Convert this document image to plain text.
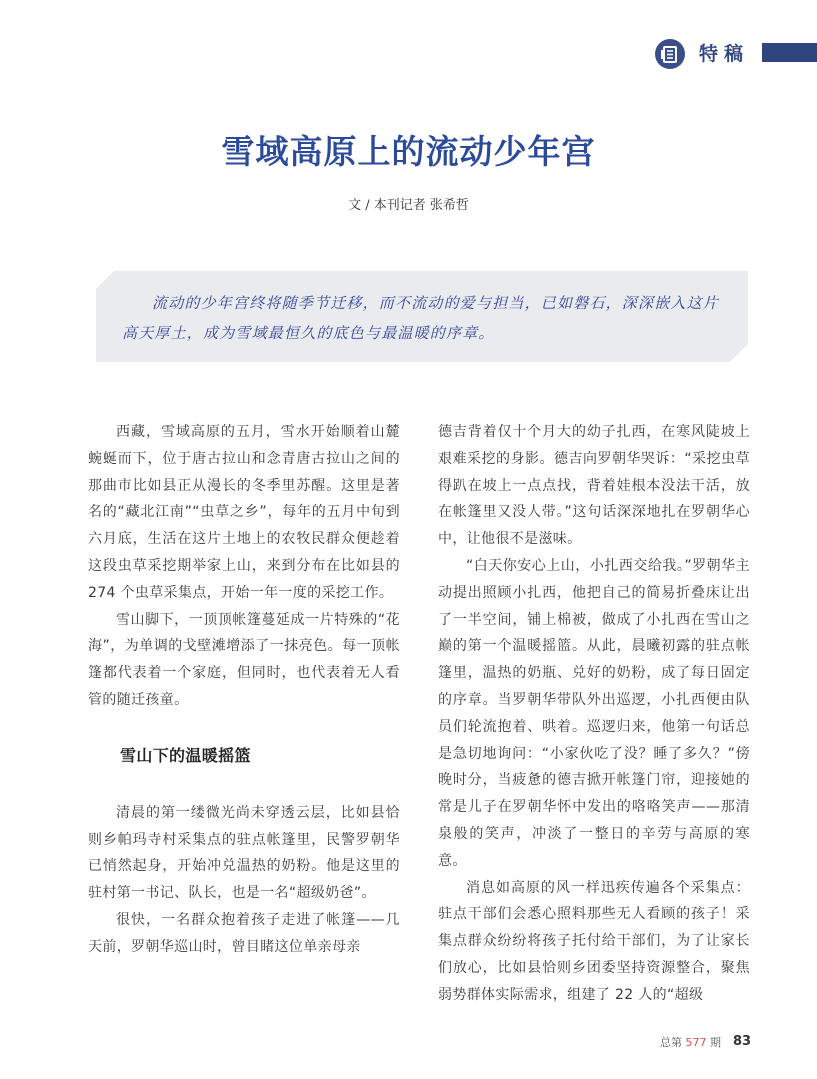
特稿
雪域高原上的流动少年宫
文 / 本刊记者 张希哲
流动的少年宫终将随季节迁移，而不流动的爱与担当，已如磐石，深深嵌入这片高天厚土，成为雪域最恒久的底色与最温暖的序章。

西藏，雪域高原的五月，雪水开始顺着山麓蜿蜒而下，位于唐古拉山和念青唐古拉山之间的那曲市比如县正从漫长的冬季里苏醒。这里是著名的“藏北江南”“虫草之乡”，每年的五月中旬到六月底，生活在这片土地上的农牧民群众便趁着这段虫草采挖期举家上山，来到分布在比如县的 274 个虫草采集点，开始一年一度的采挖工作。

雪山脚下，一顶顶帐篷蔓延成一片特殊的“花海”，为单调的戈壁滩增添了一抹亮色。每一顶帐篷都代表着一个家庭，但同时，也代表着无人看管的随迁孩童。

雪山下的温暖摇篮

清晨的第一缕微光尚未穿透云层，比如县恰则乡帕玛寺村采集点的驻点帐篷里，民警罗朝华已悄然起身，开始冲兑温热的奶粉。他是这里的驻村第一书记、队长，也是一名“超级奶爸”。

很快，一名群众抱着孩子走进了帐篷——几天前，罗朝华巡山时，曾目睹这位单亲母亲

德吉背着仅十个月大的幼子扎西，在寒风陡坡上艰难采挖的身影。德吉向罗朝华哭诉：“采挖虫草得趴在坡上一点点找，背着娃根本没法干活，放在帐篷里又没人带。”这句话深深地扎在罗朝华心中，让他很不是滋味。

“白天你安心上山，小扎西交给我。”罗朝华主动提出照顾小扎西，他把自己的简易折叠床让出了一半空间，铺上棉被，做成了小扎西在雪山之巅的第一个温暖摇篮。从此，晨曦初露的驻点帐篷里，温热的奶瓶、兑好的奶粉，成了每日固定的序章。当罗朝华带队外出巡逻，小扎西便由队员们轮流抱着、哄着。巡逻归来，他第一句话总是急切地询问：“小家伙吃了没？睡了多久？”傍晚时分，当疲惫的德吉掀开帐篷门帘，迎接她的常是儿子在罗朝华怀中发出的咯咯笑声——那清泉般的笑声，冲淡了一整日的辛劳与高原的寒意。

消息如高原的风一样迅疾传遍各个采集点：驻点干部们会悉心照料那些无人看顾的孩子！采集点群众纷纷将孩子托付给干部们，为了让家长们放心，比如县恰则乡团委坚持资源整合，聚焦弱势群体实际需求，组建了 22 人的“超级

总第 577 期 83
